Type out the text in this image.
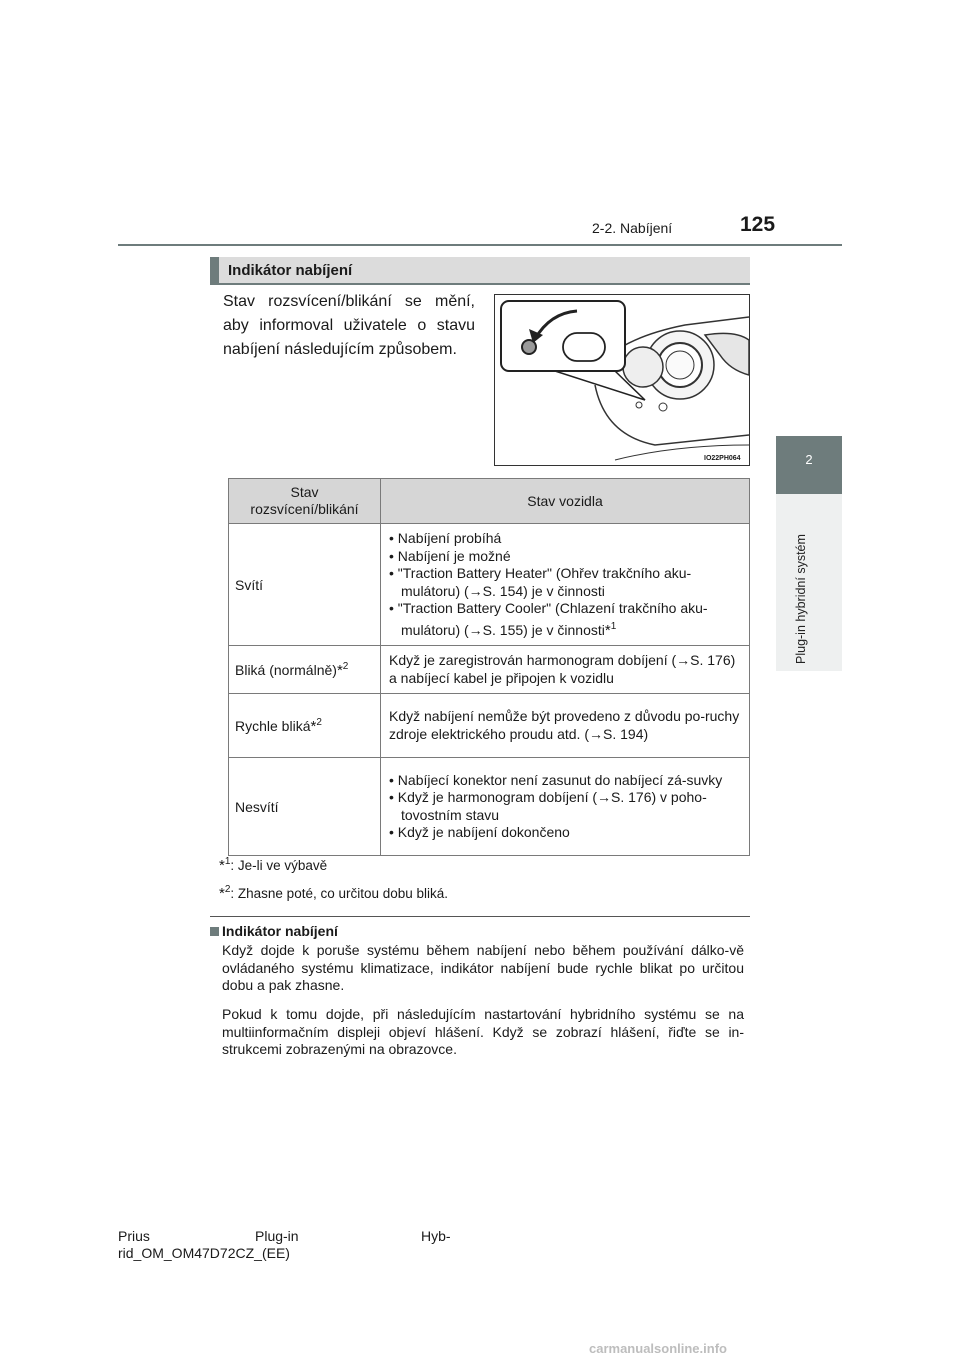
2-2. Nabíjení	125
2
Plug-in hybridní systém
Indikátor nabíjení
Stav rozsvícení/blikání se mění, aby informoval uživatele o stavu nabíjení následujícím způsobem.
IO22PH064
Stav rozsvícení/blikání	Stav vozidla
Svítí	• Nabíjení probíhá
• Nabíjení je možné
• "Traction Battery Heater" (Ohřev trakčního aku-mulátoru) (→S. 154) je v činnosti
• "Traction Battery Cooler" (Chlazení trakčního aku-mulátoru) (→S. 155) je v činnosti*$^1$

Bliká (normálně)*$^2$	Když je zaregistrován harmonogram dobíjení (→S. 176) a nabíjecí kabel je připojen k vozidlu
Rychle bliká*$^2$	Když nabíjení nemůže být provedeno z důvodu po-ruchy zdroje elektrického proudu atd. (→S. 194)
Nesvítí	• Nabíjecí konektor není zasunut do nabíjecí zá-suvky
• Když je harmonogram dobíjení (→S. 176) v poho-tovostním stavu
• Když je nabíjení dokončeno
*$^1$: Je-li ve výbavě
*$^2$: Zhasne poté, co určitou dobu bliká.
Indikátor nabíjení
Když dojde k poruše systému během nabíjení nebo během používání dálko-vě ovládaného systému klimatizace, indikátor nabíjení bude rychle blikat po určitou dobu a pak zhasne.
Pokud k tomu dojde, při následujícím nastartování hybridního systému se na multiinformačním displeji objeví hlášení. Když se zobrazí hlášení, řiďte se in-strukcemi zobrazenými na obrazovce.
Prius	Plug-in	Hyb-
rid_OM_OM47D72CZ_(EE)
carmanualsonline.info
